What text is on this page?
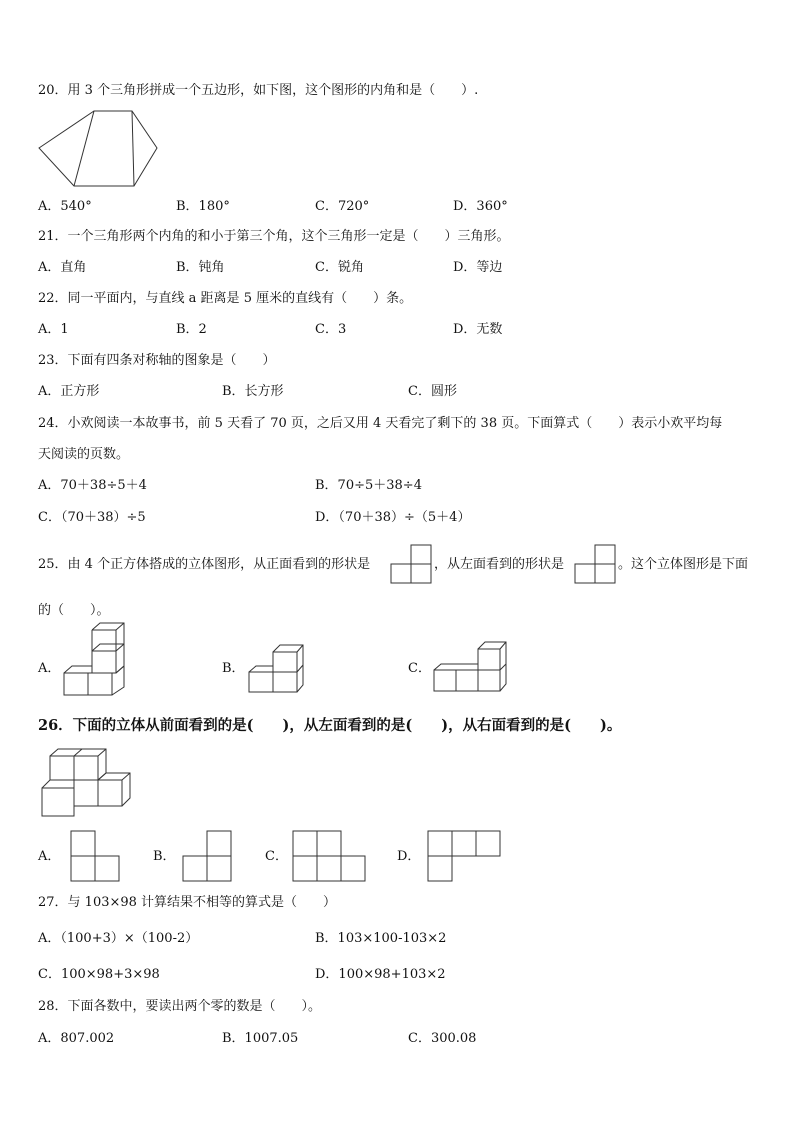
20．用 3 个三角形拼成一个五边形，如下图，这个图形的内角和是（　　）.
A．540°	B．180°	C．720°	D．360°
21．一个三角形两个内角的和小于第三个角，这个三角形一定是（　　）三角形。
A．直角	B．钝角	C．锐角	D．等边
22．同一平面内，与直线 a 距离是 5 厘米的直线有（　　）条。
A．1	B．2	C．3	D．无数
23．下面有四条对称轴的图象是（　　）
A．正方形	B．长方形	C．圆形
24．小欢阅读一本故事书，前 5 天看了 70 页，之后又用 4 天看完了剩下的 38 页。下面算式（　　）表示小欢平均每
天阅读的页数。
A．70＋38÷5＋4	B．70÷5＋38÷4
C．（70＋38）÷5	D．（70＋38）÷（5＋4）
25．由 4 个正方体搭成的立体图形，从正面看到的形状是	，从左面看到的形状是	。这个立体图形是下面
的（　　）。
A．	B．	C．
26．下面的立体从前面看到的是(　　)，从左面看到的是(　　)，从右面看到的是(　　)。
A．	B．	C．	D．
27．与 103×98 计算结果不相等的算式是（　　）
A．（100+3）×（100-2）	B．103×100-103×2
C．100×98+3×98	D．100×98+103×2
28．下面各数中，要读出两个零的数是（　　）。
A．807.002	B．1007.05	C．300.08
